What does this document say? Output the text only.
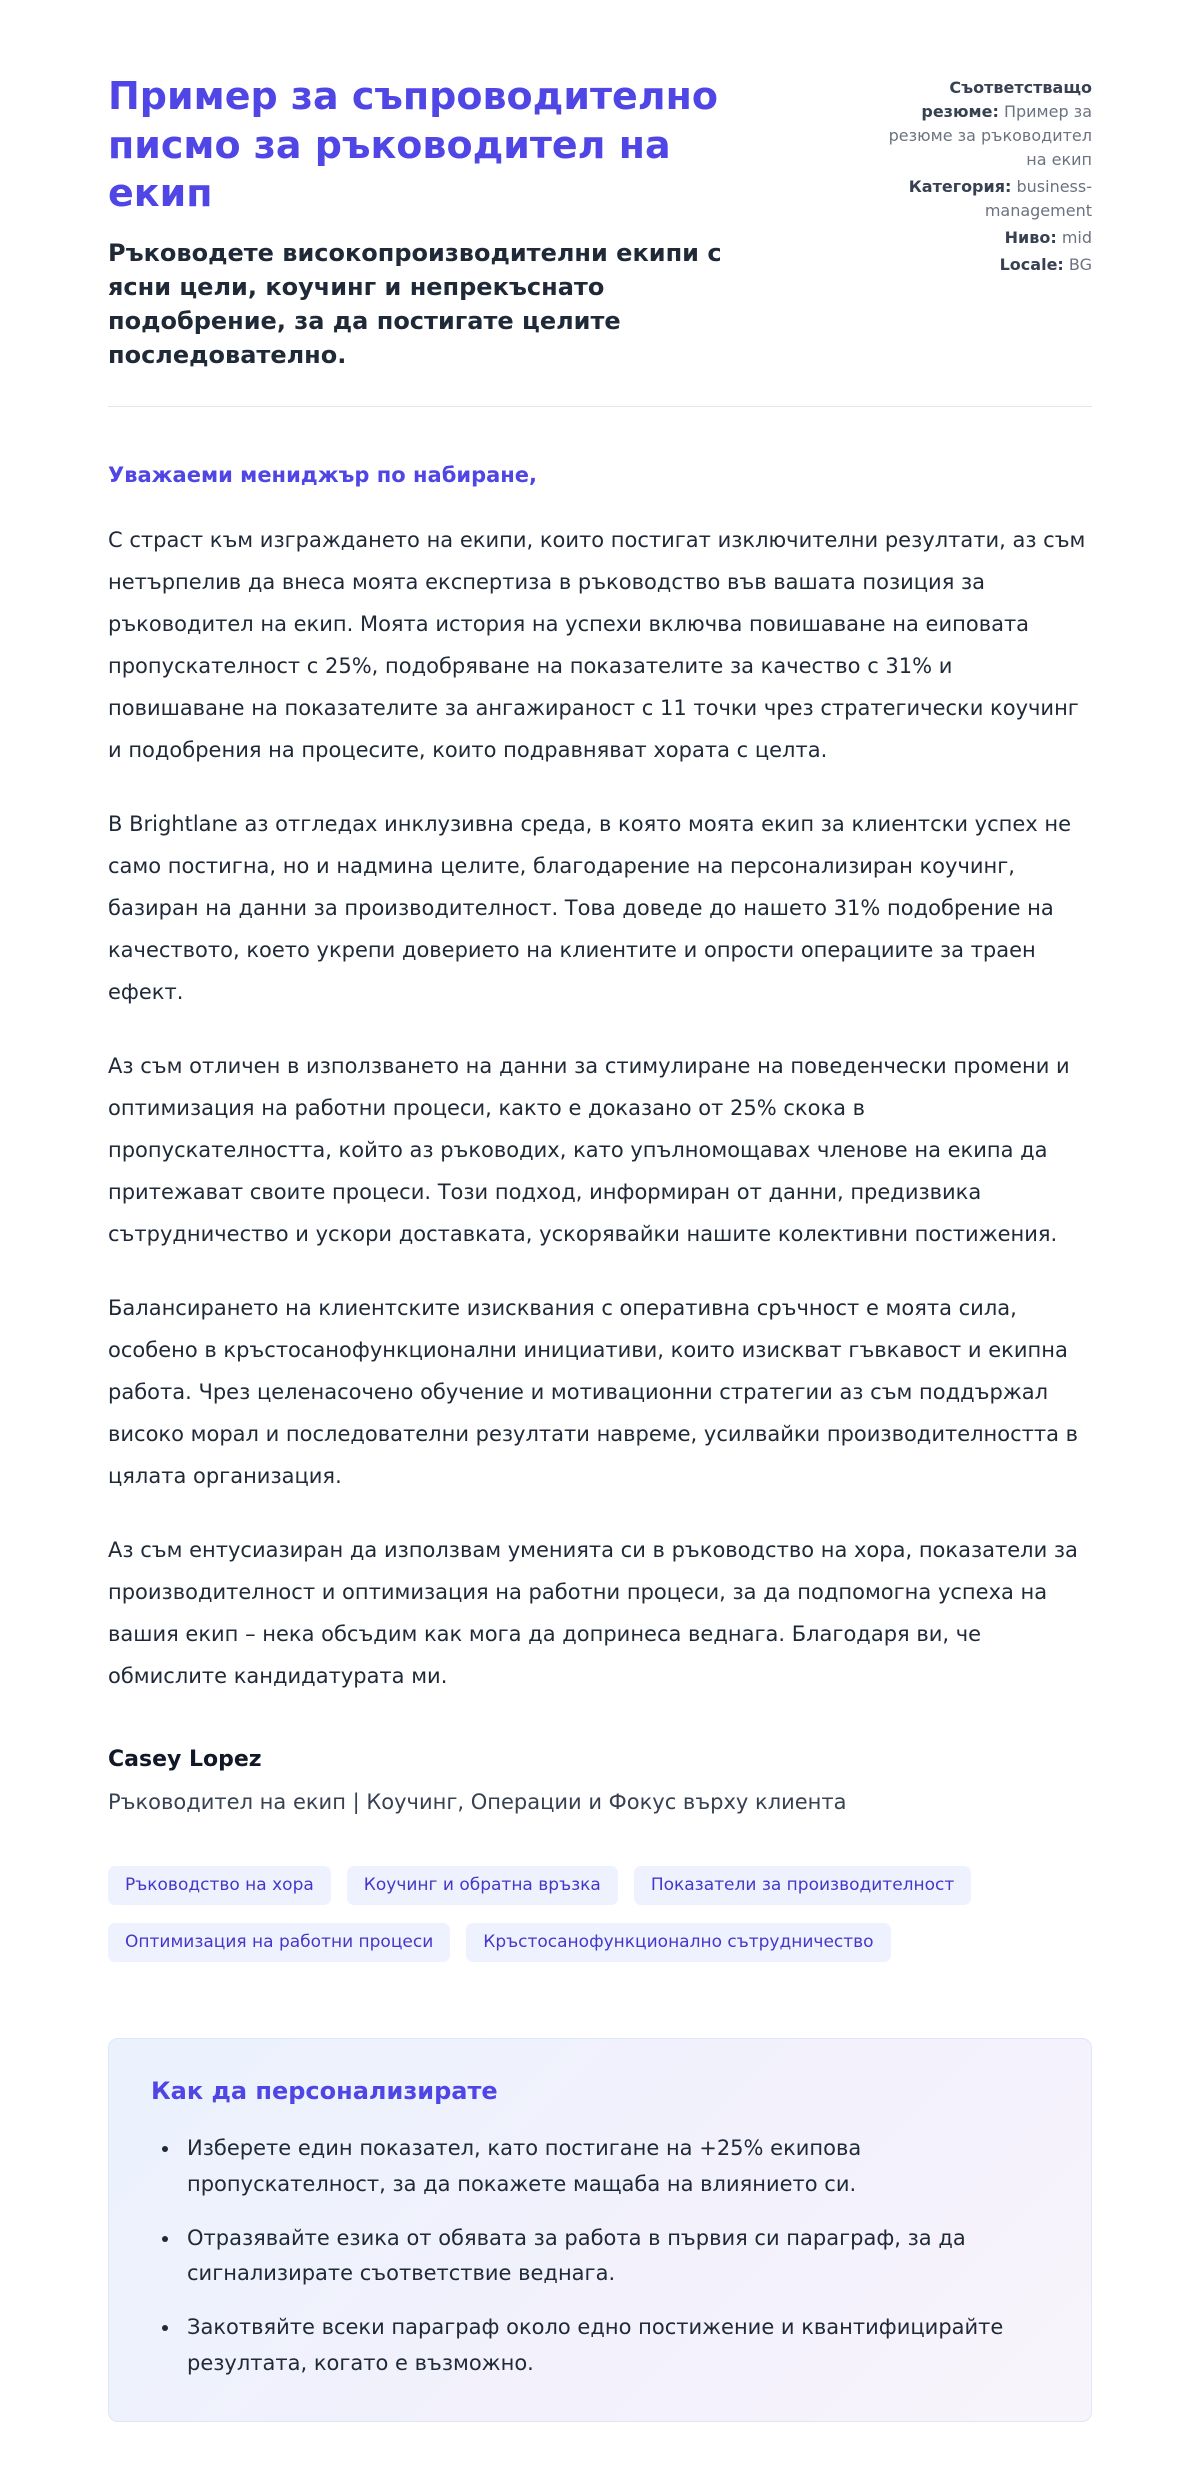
Пример за съпроводително писмо за ръководител на екип
Ръководете високопроизводителни екипи с ясни цели, коучинг и непрекъснато подобрение, за да постигате целите последователно.
Съответстващо резюме: Пример за резюме за ръководител на екип
Категория: business-management
Ниво: mid
Locale: BG

Уважаеми мениджър по набиране,

С страст към изграждането на екипи, които постигат изключителни резултати, аз съм нетърпелив да внеса моята експертиза в ръководство във вашата позиция за ръководител на екип. Моята история на успехи включва повишаване на еиповата пропускателност с 25%, подобряване на показателите за качество с 31% и повишаване на показателите за ангажираност с 11 точки чрез стратегически коучинг и подобрения на процесите, които подравняват хората с целта.

В Brightlane аз отгледах инклузивна среда, в която моята екип за клиентски успех не само постигна, но и надмина целите, благодарение на персонализиран коучинг, базиран на данни за производителност. Това доведе до нашето 31% подобрение на качеството, което укрепи доверието на клиентите и опрости операциите за траен ефект.

Аз съм отличен в използването на данни за стимулиране на поведенчески промени и оптимизация на работни процеси, както е доказано от 25% скока в пропускателността, който аз ръководих, като упълномощавах членове на екипа да притежават своите процеси. Този подход, информиран от данни, предизвика сътрудничество и ускори доставката, ускорявайки нашите колективни постижения.

Балансирането на клиентските изисквания с оперативна сръчност е моята сила, особено в кръстосанофункционални инициативи, които изискват гъвкавост и екипна работа. Чрез целенасочено обучение и мотивационни стратегии аз съм поддържал високо морал и последователни резултати навреме, усилвайки производителността в цялата организация.

Аз съм ентусиазиран да използвам уменията си в ръководство на хора, показатели за производителност и оптимизация на работни процеси, за да подпомогна успеха на вашия екип – нека обсъдим как мога да допринеса веднага. Благодаря ви, че обмислите кандидатурата ми.

Casey Lopez

Ръководител на екип | Коучинг, Операции и Фокус върху клиента

Ръководство на хора	Коучинг и обратна връзка	Показатели за производителност
Оптимизация на работни процеси	Кръстосанофункционално сътрудничество
Как да персонализирате
• Изберете един показател, като постигане на +25% екипова пропускателност, за да покажете мащаба на влиянието си.
• Отразявайте езика от обявата за работа в първия си параграф, за да сигнализирате съответствие веднага.
• Закотвяйте всеки параграф около едно постижение и квантифицирайте резултата, когато е възможно.
